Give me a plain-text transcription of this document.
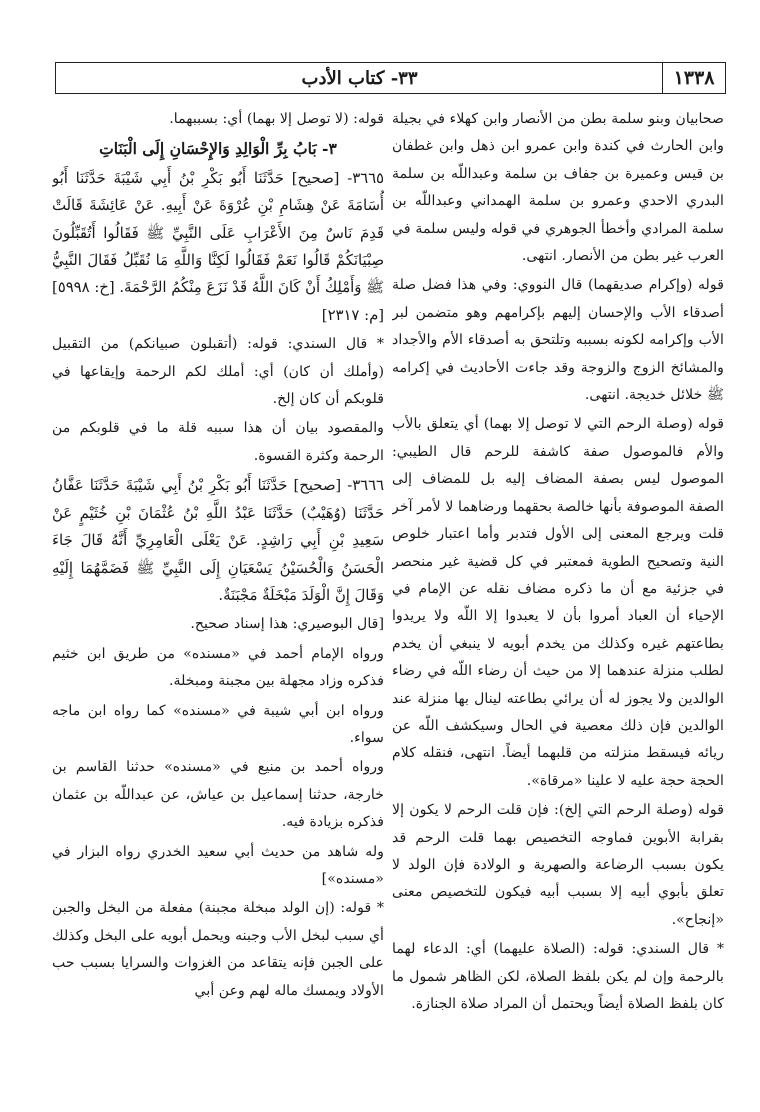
١٣٣٨
٣٣- كتاب الأدب

صحابيان وبنو سلمة بطن من الأنصار وابن كهلاء في بجيلة وابن الحارث في كندة وابن عمرو ابن ذهل وابن غطفان بن قيس وعميرة بن جفاف بن سلمة وعبداللّه بن سلمة البدري الاحدي وعمرو بن سلمة الهمداني وعبداللّه بن سلمة المرادي وأخطأ الجوهري في قوله وليس سلمة في العرب غير بطن من الأنصار. انتهى.

قوله (وإكرام صديقهما) قال النووي: وفي هذا فضل صلة أصدقاء الأب والإحسان إليهم بإكرامهم وهو متضمن لبر الأب وإكرامه لكونه بسببه وتلتحق به أصدقاء الأم والأجداد والمشائخ الزوج والزوجة وقد جاءت الأحاديث في إكرامه ﷺ خلائل خديجة. انتهى.

قوله (وصلة الرحم التي لا توصل إلا بهما) أي يتعلق بالأب والأم فالموصول صفة كاشفة للرحم قال الطيبي: الموصول ليس بصفة المضاف إليه بل للمضاف إلى الصفة الموصوفة بأنها خالصة بحقهما ورضاهما لا لأمر آخر قلت ويرجع المعنى إلى الأول فتدبر وأما اعتبار خلوص النية وتصحيح الطوية فمعتبر في كل قضية غير منحصر في جزئية مع أن ما ذكره مضاف نقله عن الإمام في الإحياء أن العباد أمروا بأن لا يعبدوا إلا اللّه ولا يريدوا بطاعتهم غيره وكذلك من يخدم أبويه لا ينبغي أن يخدم لطلب منزلة عندهما إلا من حيث أن رضاء اللّه في رضاء الوالدين ولا يجوز له أن يرائي بطاعته لينال بها منزلة عند الوالدين فإن ذلك معصية في الحال وسيكشف اللّه عن ريائه فيسقط منزلته من قلبهما أيضاً. انتهى، فنقله كلام الحجة حجة عليه لا علينا «مرقاة».

قوله (وصلة الرحم التي إلخ): فإن قلت الرحم لا يكون إلا بقرابة الأبوين فماوجه التخصيص بهما قلت الرحم قد يكون بسبب الرضاعة والصهرية و الولادة فإن الولد لا تعلق بأبوي أبيه إلا بسبب أبيه فيكون للتخصيص معنى «إنجاح».

* قال السندي: قوله: (الصلاة عليهما) أي: الدعاء لهما بالرحمة وإن لم يكن بلفظ الصلاة، لكن الظاهر شمول ما كان بلفظ الصلاة أيضاً ويحتمل أن المراد صلاة الجنازة.

قوله: (لا توصل إلا بهما) أي: بسببهما.

٣- بَابُ بِرِّ الْوَالِدِ وَالإِحْسَانِ إِلَى الْبَنَاتِ

٣٦٦٥- [صحيح] حَدَّثَنَا أَبُو بَكْرِ بْنُ أَبِي شَيْبَةَ حَدَّثَنَا أَبُو أُسَامَةَ عَنْ هِشَامِ بْنِ عُرْوَةَ عَنْ أَبِيهِ. عَنْ عَائِشَةَ قَالَتْ قَدِمَ نَاسٌ مِنَ الأَعْرَابِ عَلَى النَّبِيِّ ﷺ فَقَالُوا أَتُقَبِّلُونَ صِبْيَانَكُمْ قَالُوا نَعَمْ فَقَالُوا لَكِنَّا وَاللَّهِ مَا نُقَبِّلُ فَقَالَ النَّبِيُّ ﷺ وَأَمْلِكُ أَنْ كَانَ اللَّهُ قَدْ نَزَعَ مِنْكُمُ الرَّحْمَةَ. [خ: ٥٩٩٨] [م: ٢٣١٧]

* قال السندي: قوله: (أتقبلون صبيانكم) من التقبيل (وأملك أن كان) أي: أملك لكم الرحمة وإيقاعها في قلوبكم أن كان إلخ.

والمقصود بيان أن هذا سببه قلة ما في قلوبكم من الرحمة وكثرة القسوة.

٣٦٦٦- [صحيح] حَدَّثَنَا أَبُو بَكْرِ بْنُ أَبِي شَيْبَةَ حَدَّثَنَا عَفَّانُ حَدَّثَنَا (وُهَيْبٌ) حَدَّثَنَا عَبْدُ اللَّهِ بْنُ عُثْمَانَ بْنِ خُثَيْمٍ عَنْ سَعِيدِ بْنِ أَبِي رَاشِدٍ. عَنْ يَعْلَى الْعَامِرِيِّ أَنَّهُ قَالَ جَاءَ الْحَسَنُ وَالْحُسَيْنُ يَسْعَيَانِ إِلَى النَّبِيِّ ﷺ فَضَمَّهُمَا إِلَيْهِ وَقَالَ إِنَّ الْوَلَدَ مَبْخَلَةٌ مَجْبَنَةٌ.

[قال البوصيري: هذا إسناد صحيح.

ورواه الإمام أحمد في «مسنده» من طريق ابن خثيم فذكره وزاد مجهلة بين مجبنة ومبخلة.

ورواه ابن أبي شيبة في «مسنده» كما رواه ابن ماجه سواء.

ورواه أحمد بن منيع في «مسنده» حدثنا القاسم بن خارجة، حدثنا إسماعيل بن عياش، عن عبداللّه بن عثمان فذكره بزيادة فيه.

وله شاهد من حديث أبي سعيد الخدري رواه البزار في «مسنده»]

* قوله: (إن الولد مبخلة مجبنة) مفعلة من البخل والجبن أي سبب لبخل الأب وجبنه ويحمل أبويه على البخل وكذلك على الجبن فإنه يتقاعد من الغزوات والسرايا بسبب حب الأولاد ويمسك ماله لهم وعن أبي
